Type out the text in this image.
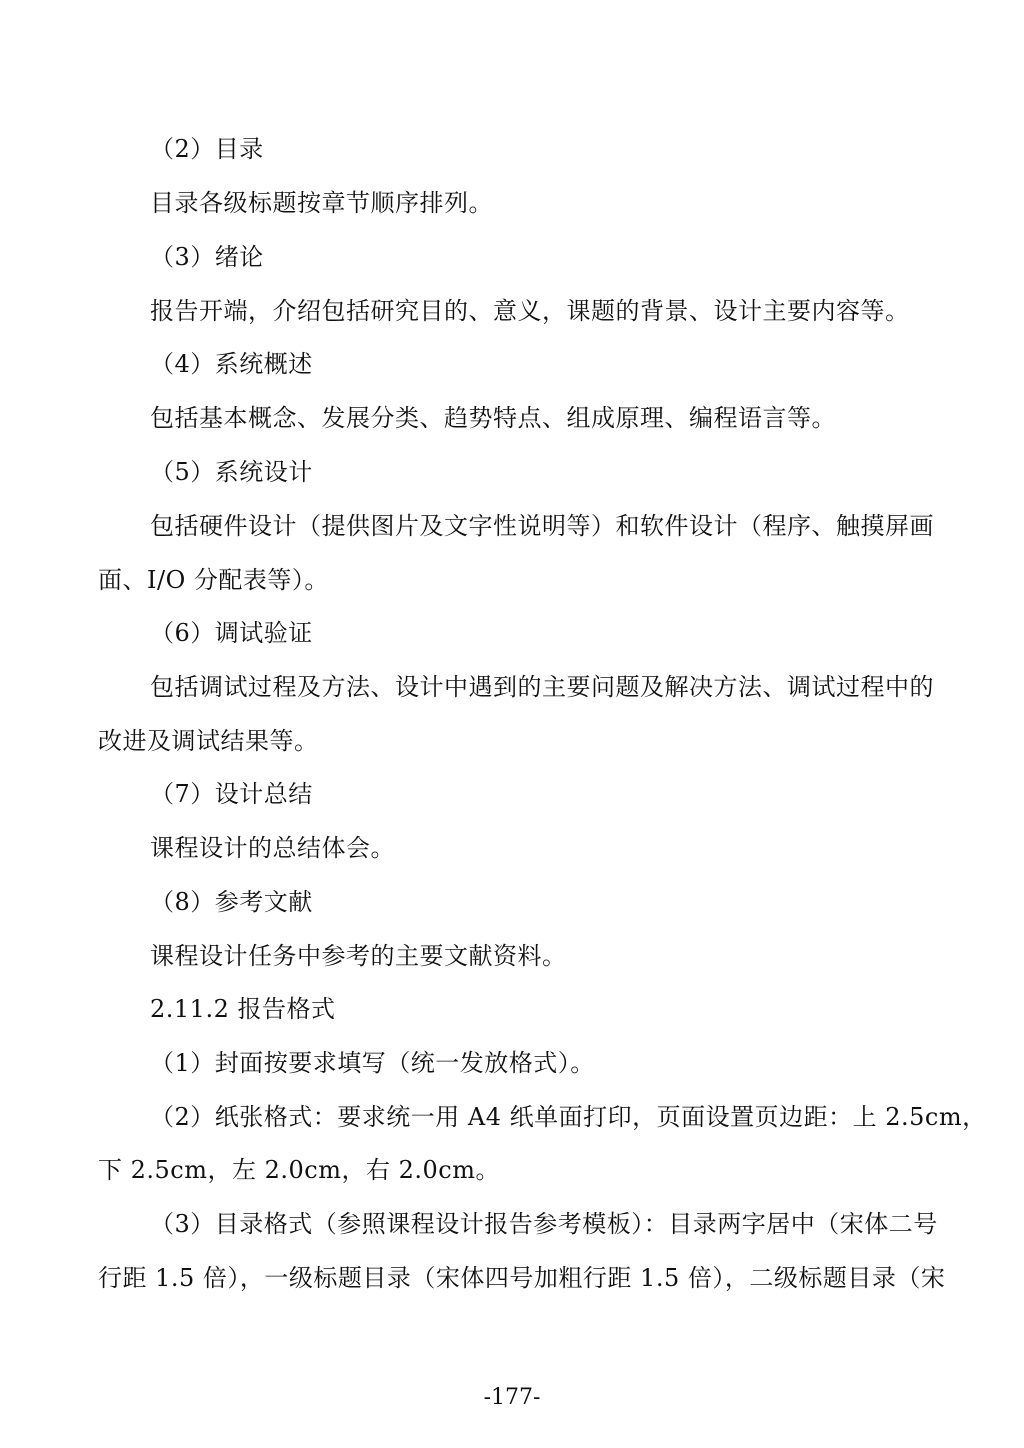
（2）目录
目录各级标题按章节顺序排列。
（3）绪论
报告开端，介绍包括研究目的、意义，课题的背景、设计主要内容等。
（4）系统概述
包括基本概念、发展分类、趋势特点、组成原理、编程语言等。
（5）系统设计
包括硬件设计（提供图片及文字性说明等）和软件设计（程序、触摸屏画
面、I/O 分配表等）。
（6）调试验证
包括调试过程及方法、设计中遇到的主要问题及解决方法、调试过程中的
改进及调试结果等。
（7）设计总结
课程设计的总结体会。
（8）参考文献
课程设计任务中参考的主要文献资料。
2.11.2 报告格式
（1）封面按要求填写（统一发放格式）。
（2）纸张格式：要求统一用 A4 纸单面打印，页面设置页边距：上 2.5cm，
下 2.5cm，左 2.0cm，右 2.0cm。
（3）目录格式（参照课程设计报告参考模板）：目录两字居中（宋体二号
行距 1.5 倍），一级标题目录（宋体四号加粗行距 1.5 倍），二级标题目录（宋
-177-
